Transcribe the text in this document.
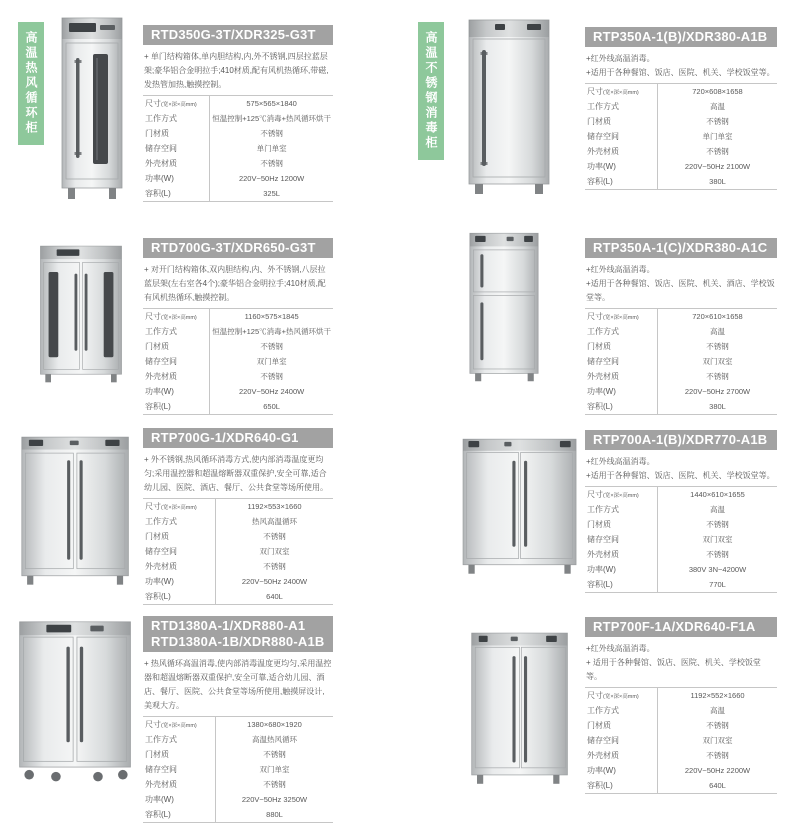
高温热风循环柜	RTD350G-3T/XDR325-G3T

+ 单门结构箱体,单内胆结构,内,外不锈钢,四层拉蓝层架;豪华铝合金明拉手;410材质,配有风机热循环,带磁,发热管加热,触摸控制。

尺寸(宽×深×高mm)	575×565×1840
工作方式	恒温控制+125℃消毒+热风循环烘干
门材质	不锈钢
储存空间	单门单室
外壳材质	不锈钢
功率(W)	220V~50Hz 1200W
容积(L)	325L
RTD700G-3T/XDR650-G3T

+ 对开门结构箱体,双内胆结构,内、外不锈钢,八层拉蓝层架(左右室各4个);豪华铝合金明拉手;410材质,配有风机热循环,触摸控制。

尺寸(宽×深×高mm)	1160×575×1845
工作方式	恒温控制+125℃消毒+热风循环烘干
门材质	不锈钢
储存空间	双门单室
外壳材质	不锈钢
功率(W)	220V~50Hz 2400W
容积(L)	650L
RTP700G-1/XDR640-G1

+ 外不锈钢,热风循环消毒方式,使内部消毒温度更均匀;采用温控器和超温熔断器双重保护,安全可靠,适合幼儿园、医院、酒店、餐厅、公共食堂等场所使用。

尺寸(宽×深×高mm)	1192×553×1660
工作方式	热风高温循环
门材质	不锈钢
储存空间	双门双室
外壳材质	不锈钢
功率(W)	220V~50Hz 2400W
容积(L)	640L
RTD1380A-1/XDR880-A1
RTD1380A-1B/XDR880-A1B

+ 热风循环高温消毒,使内部消毒温度更均匀,采用温控器和超温熔断器双重保护,安全可靠,适合幼儿园、酒店、餐厅、医院、公共食堂等场所使用,触摸屏设计,美观大方。

尺寸(宽×深×高mm)	1380×680×1920
工作方式	高温热风循环
门材质	不锈钢
储存空间	双门单室
外壳材质	不锈钢
功率(W)	220V~50Hz 3250W
容积(L)	880L
高温不锈钢消毒柜	RTP350A-1(B)/XDR380-A1B

+红外线高温消毒。

+适用于各种餐馆、饭店、医院、机关、学校饭堂等。

尺寸(宽×深×高mm)	720×608×1658
工作方式	高温
门材质	不锈钢
储存空间	单门单室
外壳材质	不锈钢
功率(W)	220V~50Hz 2100W
容积(L)	380L
RTP350A-1(C)/XDR380-A1C

+红外线高温消毒。

+适用于各种餐馆、饭店、医院、机关、酒店、学校饭堂等。

尺寸(宽×深×高mm)	720×610×1658
工作方式	高温
门材质	不锈钢
储存空间	双门双室
外壳材质	不锈钢
功率(W)	220V~50Hz 2700W
容积(L)	380L
RTP700A-1(B)/XDR770-A1B

+红外线高温消毒。

+适用于各种餐馆、饭店、医院、机关、学校饭堂等。

尺寸(宽×深×高mm)	1440×610×1655
工作方式	高温
门材质	不锈钢
储存空间	双门双室
外壳材质	不锈钢
功率(W)	380V 3N~4200W
容积(L)	770L
RTP700F-1A/XDR640-F1A

+红外线高温消毒。

+ 适用于各种餐馆、饭店、医院、机关、学校饭堂等。

尺寸(宽×深×高mm)	1192×552×1660
工作方式	高温
门材质	不锈钢
储存空间	双门双室
外壳材质	不锈钢
功率(W)	220V~50Hz 2200W
容积(L)	640L
